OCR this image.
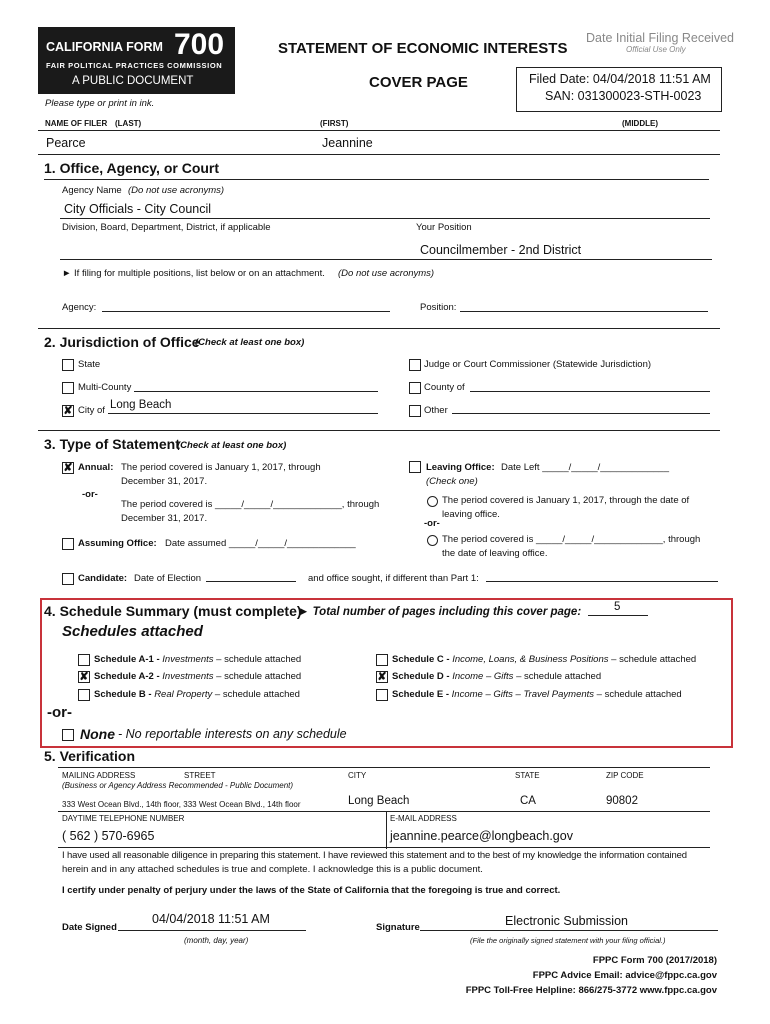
CALIFORNIA FORM 700
FAIR POLITICAL PRACTICES COMMISSION
A PUBLIC DOCUMENT
STATEMENT OF ECONOMIC INTERESTS
COVER PAGE
Date Initial Filing Received
Official Use Only
Filed Date: 04/04/2018 11:51 AM
SAN: 031300023-STH-0023
Please type or print in ink.
NAME OF FILER (LAST)	(FIRST)	(MIDDLE)
Pearce	Jeannine
1. Office, Agency, or Court
Agency Name (Do not use acronyms)
City Officials - City Council
Division, Board, Department, District, if applicable	Your Position
Councilmember - 2nd District
► If filing for multiple positions, list below or on an attachment. (Do not use acronyms)
Agency:	Position:
2. Jurisdiction of Office
(Check at least one box)
State	Judge or Court Commissioner (Statewide Jurisdiction)
Multi-County	County of
✘ City of Long Beach	Other
3. Type of Statement
(Check at least one box)
✘ Annual: The period covered is January 1, 2017, through
December 31, 2017.
-or-
The period covered is _____/_____/_____________, through
December 31, 2017.
Assuming Office: Date assumed _____/_____/_____________
Leaving Office: Date Left _____/_____/_____________
(Check one)
The period covered is January 1, 2017, through the date of
leaving office.
-or-
The period covered is _____/_____/_____________, through
the date of leaving office.
Candidate: Date of Election	and office sought, if different than Part 1:
4. Schedule Summary (must complete)
► Total number of pages including this cover page:	5
Schedules attached
Schedule A-1 - Investments – schedule attached
✘ Schedule A-2 - Investments – schedule attached
Schedule B - Real Property – schedule attached
Schedule C - Income, Loans, & Business Positions – schedule attached
✘ Schedule D - Income – Gifts – schedule attached
Schedule E - Income – Gifts – Travel Payments – schedule attached
-or-
None - No reportable interests on any schedule
5. Verification
MAILING ADDRESS	STREET	CITY	STATE	ZIP CODE
(Business or Agency Address Recommended - Public Document)
333 West Ocean Blvd., 14th floor, 333 West Ocean Blvd., 14th floor	Long Beach	CA	90802
DAYTIME TELEPHONE NUMBER	E-MAIL ADDRESS
( 562 ) 570-6965	jeannine.pearce@longbeach.gov
I have used all reasonable diligence in preparing this statement. I have reviewed this statement and to the best of my knowledge the information contained
herein and in any attached schedules is true and complete. I acknowledge this is a public document.
I certify under penalty of perjury under the laws of the State of California that the foregoing is true and correct.
Date Signed
04/04/2018 11:51 AM
(month, day, year)
Signature	Electronic Submission
(File the originally signed statement with your filing official.)
FPPC Form 700 (2017/2018)
FPPC Advice Email: advice@fppc.ca.gov
FPPC Toll-Free Helpline: 866/275-3772 www.fppc.ca.gov
